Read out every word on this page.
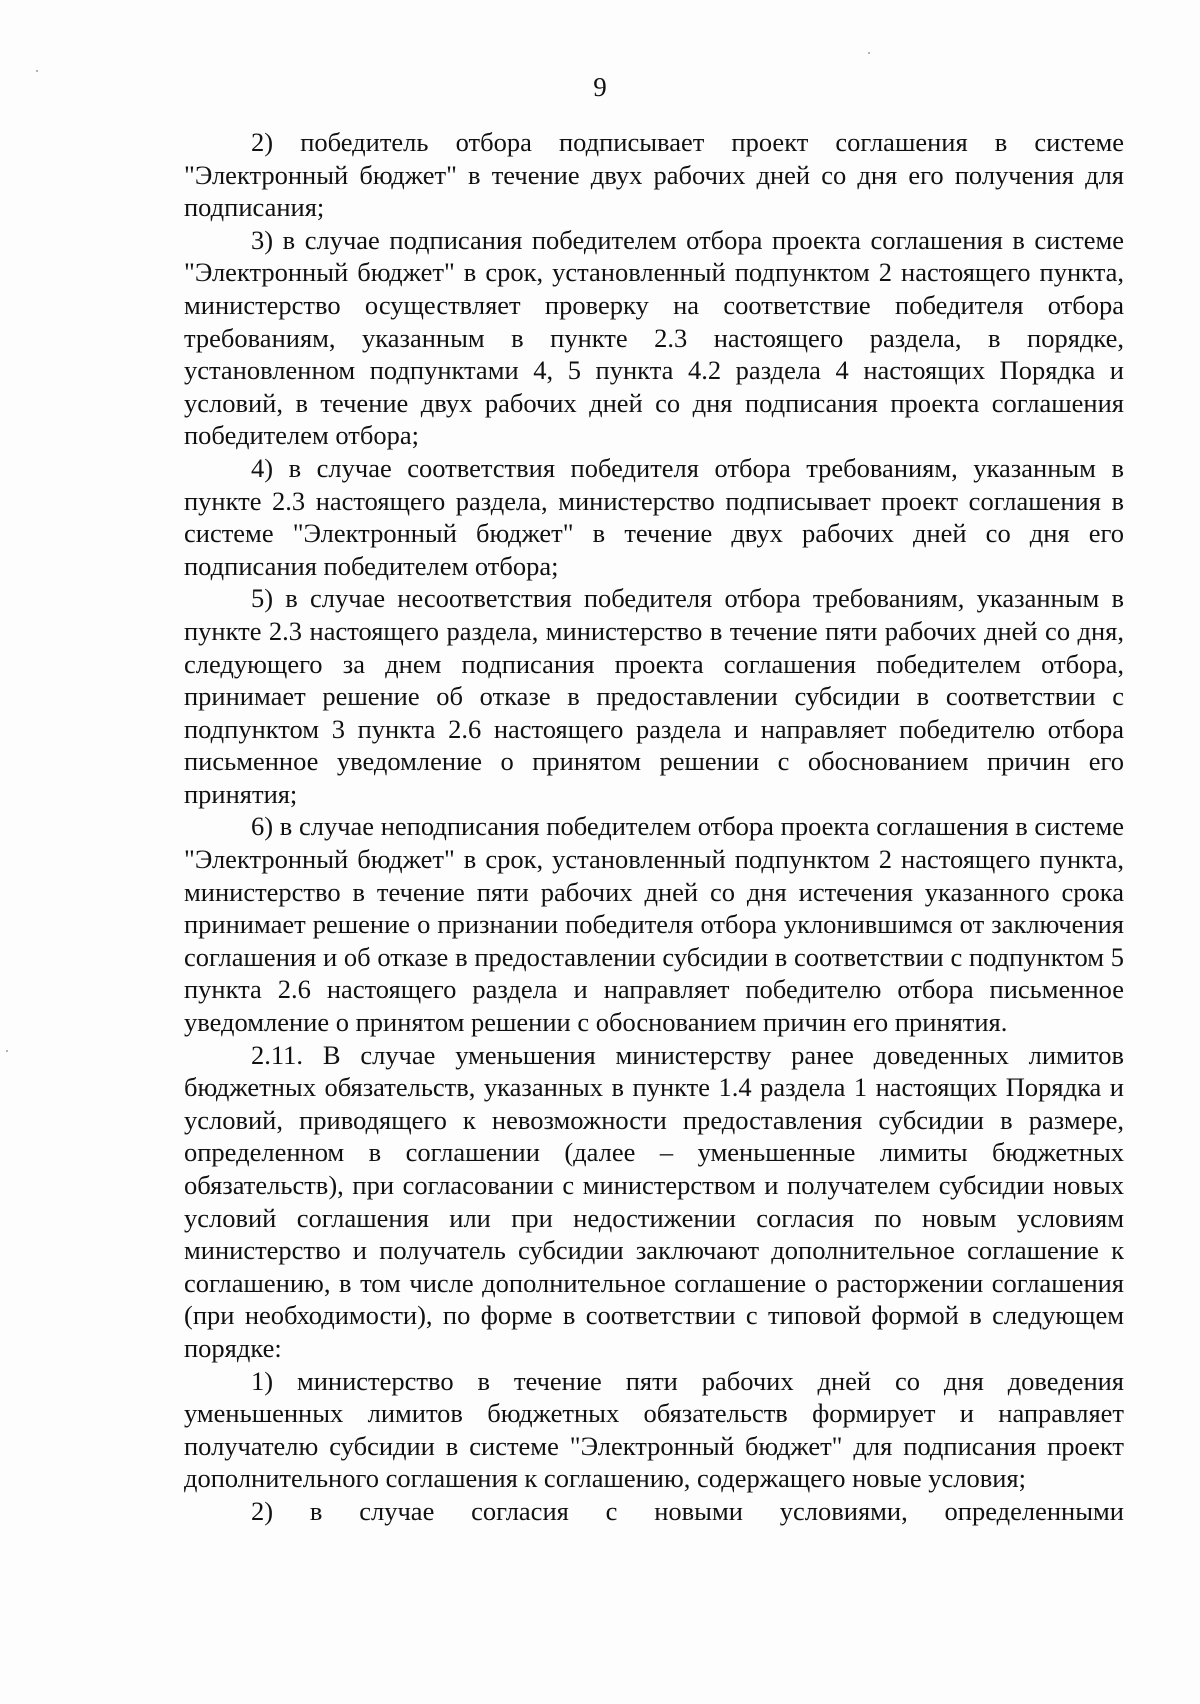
9

2) победитель отбора подписывает проект соглашения в системе "Электронный бюджет" в течение двух рабочих дней со дня его получения для подписания;

3) в случае подписания победителем отбора проекта соглашения в системе "Электронный бюджет" в срок, установленный подпунктом 2 настоящего пункта, министерство осуществляет проверку на соответствие победителя отбора требованиям, указанным в пункте 2.3 настоящего раздела, в порядке, установленном подпунктами 4, 5 пункта 4.2 раздела 4 настоящих Порядка и условий, в течение двух рабочих дней со дня подписания проекта соглашения победителем отбора;

4) в случае соответствия победителя отбора требованиям, указанным в пункте 2.3 настоящего раздела, министерство подписывает проект соглашения в системе "Электронный бюджет" в течение двух рабочих дней со дня его подписания победителем отбора;

5) в случае несоответствия победителя отбора требованиям, указанным в пункте 2.3 настоящего раздела, министерство в течение пяти рабочих дней со дня, следующего за днем подписания проекта соглашения победителем отбора, принимает решение об отказе в предоставлении субсидии в соответствии с подпунктом 3 пункта 2.6 настоящего раздела и направляет победителю отбора письменное уведомление о принятом решении с обоснованием причин его принятия;

6) в случае неподписания победителем отбора проекта соглашения в системе "Электронный бюджет" в срок, установленный подпунктом 2 настоящего пункта, министерство в течение пяти рабочих дней со дня истечения указанного срока принимает решение о признании победителя отбора уклонившимся от заключения соглашения и об отказе в предоставлении субсидии в соответствии с подпунктом 5 пункта 2.6 настоящего раздела и направляет победителю отбора письменное уведомление о принятом решении с обоснованием причин его принятия.

2.11. В случае уменьшения министерству ранее доведенных лимитов бюджетных обязательств, указанных в пункте 1.4 раздела 1 настоящих Порядка и условий, приводящего к невозможности предоставления субсидии в размере, определенном в соглашении (далее – уменьшенные лимиты бюджетных обязательств), при согласовании с министерством и получателем субсидии новых условий соглашения или при недостижении согласия по новым условиям министерство и получатель субсидии заключают дополнительное соглашение к соглашению, в том числе дополнительное соглашение о расторжении соглашения (при необходимости), по форме в соответствии с типовой формой в следующем порядке:

1) министерство в течение пяти рабочих дней со дня доведения уменьшенных лимитов бюджетных обязательств формирует и направляет получателю субсидии в системе "Электронный бюджет" для подписания проект дополнительного соглашения к соглашению, содержащего новые условия;

2) в случае согласия с новыми условиями, определенными
